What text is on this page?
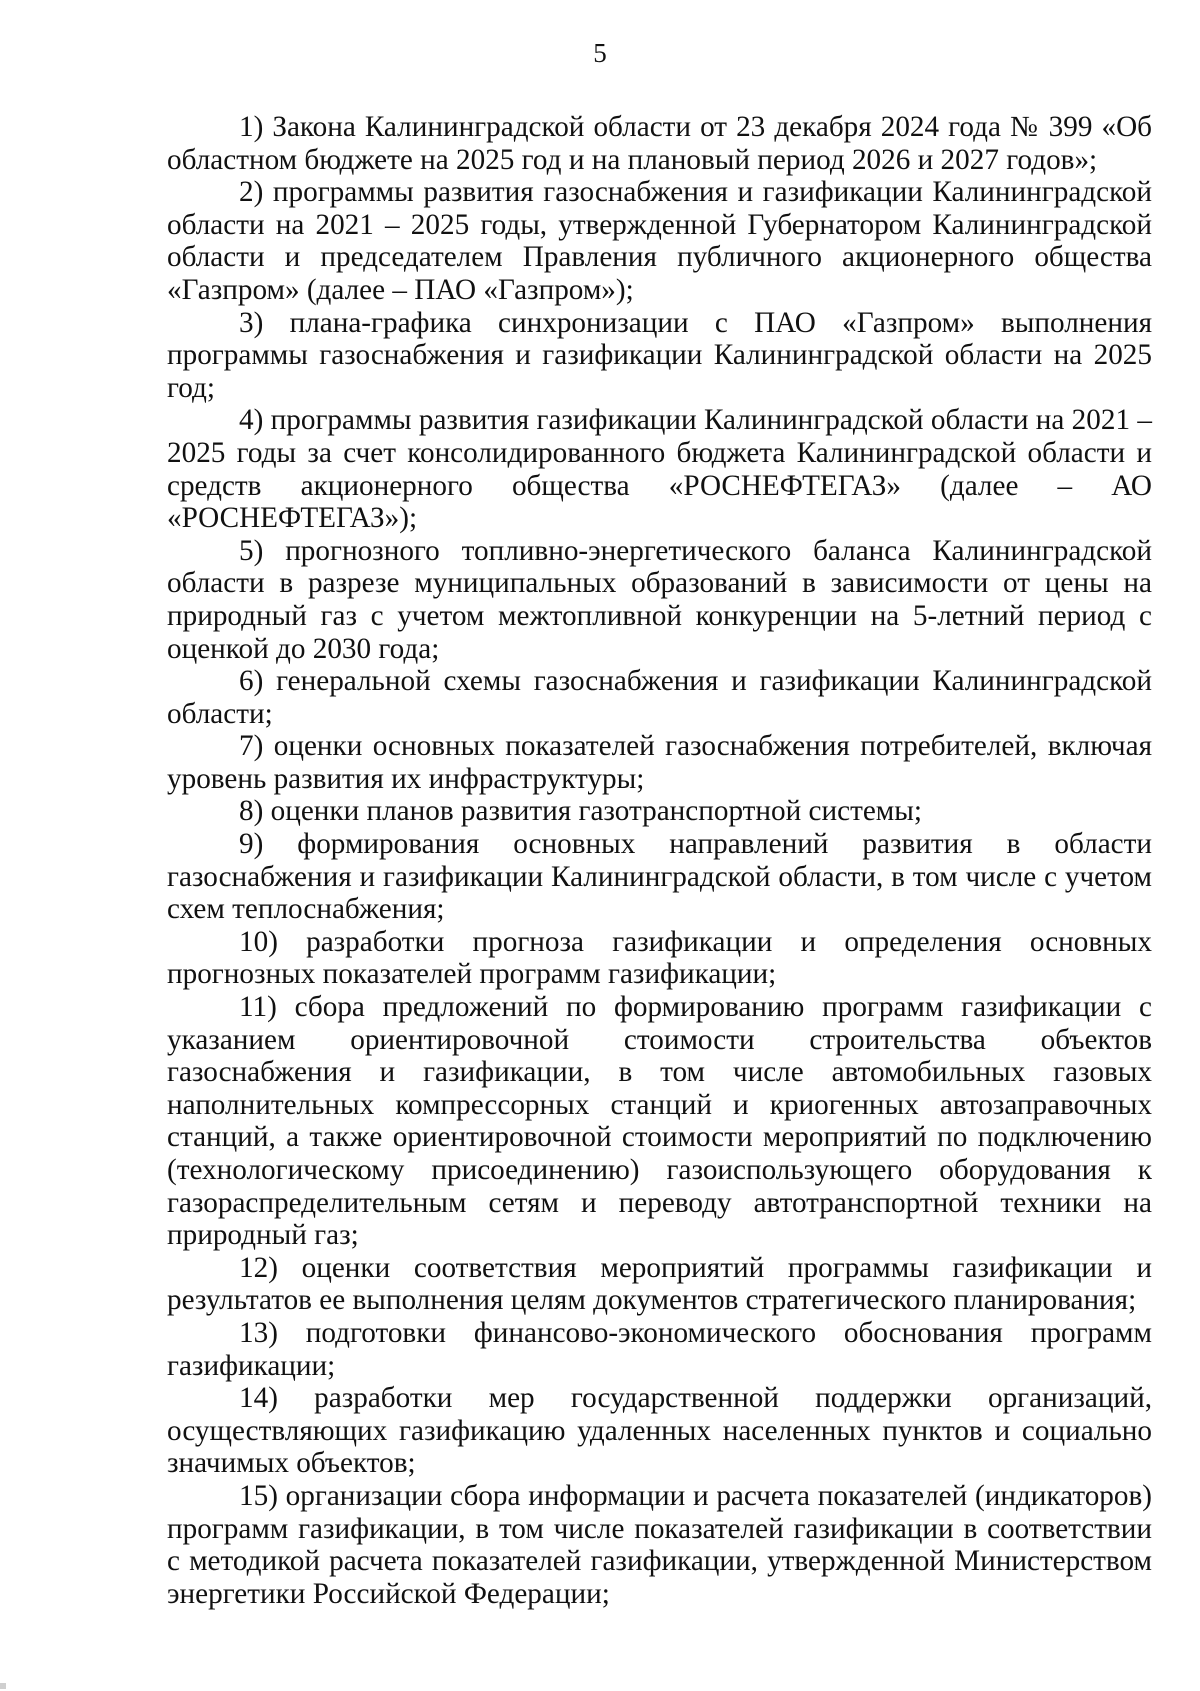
5

1) Закона Калининградской области от 23 декабря 2024 года № 399 «Об областном бюджете на 2025 год и на плановый период 2026 и 2027 годов»;

2) программы развития газоснабжения и газификации Калининградской области на 2021 – 2025 годы, утвержденной Губернатором Калининградской области и председателем Правления публичного акционерного общества «Газпром» (далее – ПАО «Газпром»);

3) плана-графика синхронизации с ПАО «Газпром» выполнения программы газоснабжения и газификации Калининградской области на 2025 год;

4) программы развития газификации Калининградской области на 2021 – 2025 годы за счет консолидированного бюджета Калининградской области и средств акционерного общества «РОСНЕФТЕГАЗ» (далее – АО «РОСНЕФТЕГАЗ»);

5) прогнозного топливно-энергетического баланса Калининградской области в разрезе муниципальных образований в зависимости от цены на природный газ с учетом межтопливной конкуренции на 5-летний период с оценкой до 2030 года;

6) генеральной схемы газоснабжения и газификации Калининградской области;

7) оценки основных показателей газоснабжения потребителей, включая уровень развития их инфраструктуры;

8) оценки планов развития газотранспортной системы;

9) формирования основных направлений развития в области газоснабжения и газификации Калининградской области, в том числе с учетом схем теплоснабжения;

10) разработки прогноза газификации и определения основных прогнозных показателей программ газификации;

11) сбора предложений по формированию программ газификации с указанием ориентировочной стоимости строительства объектов газоснабжения и газификации, в том числе автомобильных газовых наполнительных компрессорных станций и криогенных автозаправочных станций, а также ориентировочной стоимости мероприятий по подключению (технологическому присоединению) газоиспользующего оборудования к газораспределительным сетям и переводу автотранспортной техники на природный газ;

12) оценки соответствия мероприятий программы газификации и результатов ее выполнения целям документов стратегического планирования;

13) подготовки финансово-экономического обоснования программ газификации;

14) разработки мер государственной поддержки организаций, осуществляющих газификацию удаленных населенных пунктов и социально значимых объектов;

15) организации сбора информации и расчета показателей (индикаторов) программ газификации, в том числе показателей газификации в соответствии с методикой расчета показателей газификации, утвержденной Министерством энергетики Российской Федерации;
